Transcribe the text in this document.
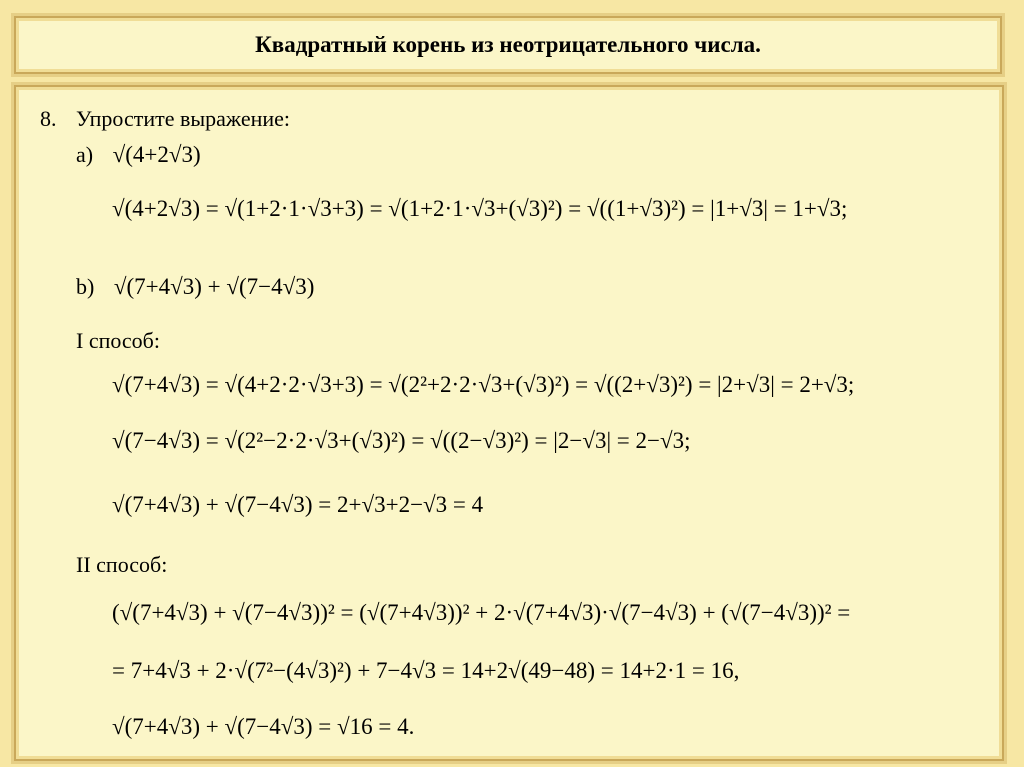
Квадратный корень из неотрицательного числа.
8. Упростите выражение:
а) √(4+2√3)
√(4+2√3) = √(1+2·1·√3+3) = √(1+2·1·√3+(√3)²) = √((1+√3)²) = |1+√3| = 1+√3;
b) √(7+4√3) + √(7−4√3)
I способ:
√(7+4√3) = √(4+2·2·√3+3) = √(2²+2·2·√3+(√3)²) = √((2+√3)²) = |2+√3| = 2+√3;
√(7−4√3) = √(2²−2·2·√3+(√3)²) = √((2−√3)²) = |2−√3| = 2−√3;
√(7+4√3) + √(7−4√3) = 2+√3+2−√3 = 4
II способ:
(√(7+4√3) + √(7−4√3))² = (√(7+4√3))² + 2·√(7+4√3)·√(7−4√3) + (√(7−4√3))² =
= 7+4√3 + 2·√(7²−(4√3)²) + 7−4√3 = 14+2√(49−48) = 14+2·1 = 16,
√(7+4√3) + √(7−4√3) = √16 = 4.
